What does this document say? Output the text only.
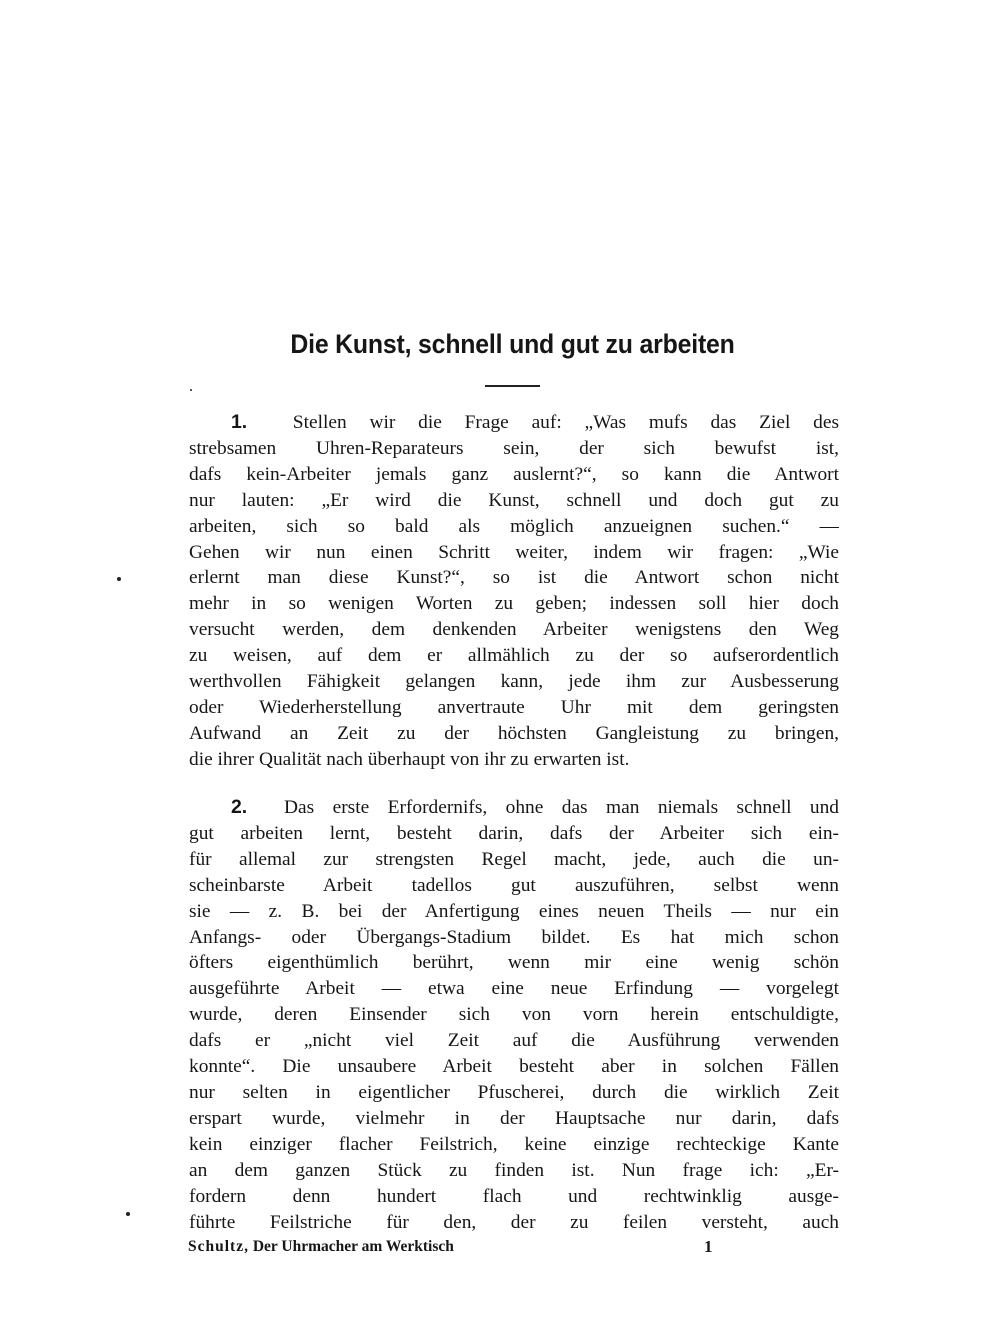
Die Kunst, schnell und gut zu arbeiten
1. Stellen wir die Frage auf: „Was mufs das Ziel des
strebsamen Uhren-Reparateurs sein, der sich bewufst ist,
dafs kein-Arbeiter jemals ganz auslernt?“, so kann die Antwort
nur lauten: „Er wird die Kunst, schnell und doch gut zu
arbeiten, sich so bald als möglich anzueignen suchen.“ —
Gehen wir nun einen Schritt weiter, indem wir fragen: „Wie
erlernt man diese Kunst?“, so ist die Antwort schon nicht
mehr in so wenigen Worten zu geben; indessen soll hier doch
versucht werden, dem denkenden Arbeiter wenigstens den Weg
zu weisen, auf dem er allmählich zu der so aufserordentlich
werthvollen Fähigkeit gelangen kann, jede ihm zur Ausbesserung
oder Wiederherstellung anvertraute Uhr mit dem geringsten
Aufwand an Zeit zu der höchsten Gangleistung zu bringen,
die ihrer Qualität nach überhaupt von ihr zu erwarten ist.
2. Das erste Erfordernifs, ohne das man niemals schnell und
gut arbeiten lernt, besteht darin, dafs der Arbeiter sich ein-
für allemal zur strengsten Regel macht, jede, auch die un-
scheinbarste Arbeit tadellos gut auszuführen, selbst wenn
sie — z. B. bei der Anfertigung eines neuen Theils — nur ein
Anfangs- oder Übergangs-Stadium bildet. Es hat mich schon
öfters eigenthümlich berührt, wenn mir eine wenig schön
ausgeführte Arbeit — etwa eine neue Erfindung — vorgelegt
wurde, deren Einsender sich von vorn herein entschuldigte,
dafs er „nicht viel Zeit auf die Ausführung verwenden
konnte“. Die unsaubere Arbeit besteht aber in solchen Fällen
nur selten in eigentlicher Pfuscherei, durch die wirklich Zeit
erspart wurde, vielmehr in der Hauptsache nur darin, dafs
kein einziger flacher Feilstrich, keine einzige rechteckige Kante
an dem ganzen Stück zu finden ist. Nun frage ich: „Er-
fordern denn hundert flach und rechtwinklig ausge-
führte Feilstriche für den, der zu feilen versteht, auch
Schultz, Der Uhrmacher am Werktisch	1
